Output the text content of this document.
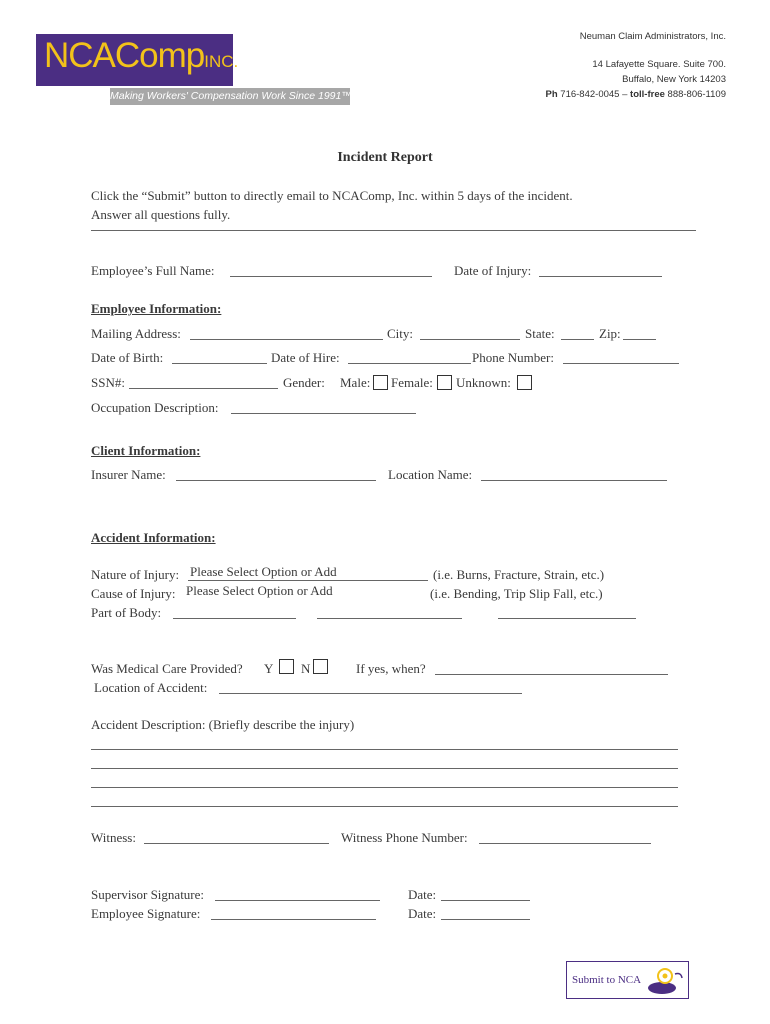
NCACompINC.
Making Workers' Compensation Work Since 1991™
Neuman Claim Administrators, Inc.
14 Lafayette Square. Suite 700.
Buffalo, New York 14203
Ph 716-842-0045 – toll-free 888-806-1109
Incident Report
Click the “Submit” button to directly email to NCAComp, Inc. within 5 days of the incident.
Answer all questions fully.
Employee’s Full Name:	Date of Injury:
Employee Information:
Mailing Address:	City:	State:	Zip:
Date of Birth:	Date of Hire:	Phone Number:
SSN#:	Gender: Male: Female: Unknown:
Occupation Description:
Client Information:
Insurer Name:	Location Name:
Accident Information:
Nature of Injury: Please Select Option or Add	(i.e. Burns, Fracture, Strain, etc.)
Cause of Injury: Please Select Option or Add	(i.e. Bending, Trip Slip Fall, etc.)
Part of Body:
Was Medical Care Provided? Y N	If yes, when?
Location of Accident:
Accident Description: (Briefly describe the injury)
Witness:	Witness Phone Number:
Supervisor Signature:	Date:
Employee Signature:	Date:
Submit to NCA
